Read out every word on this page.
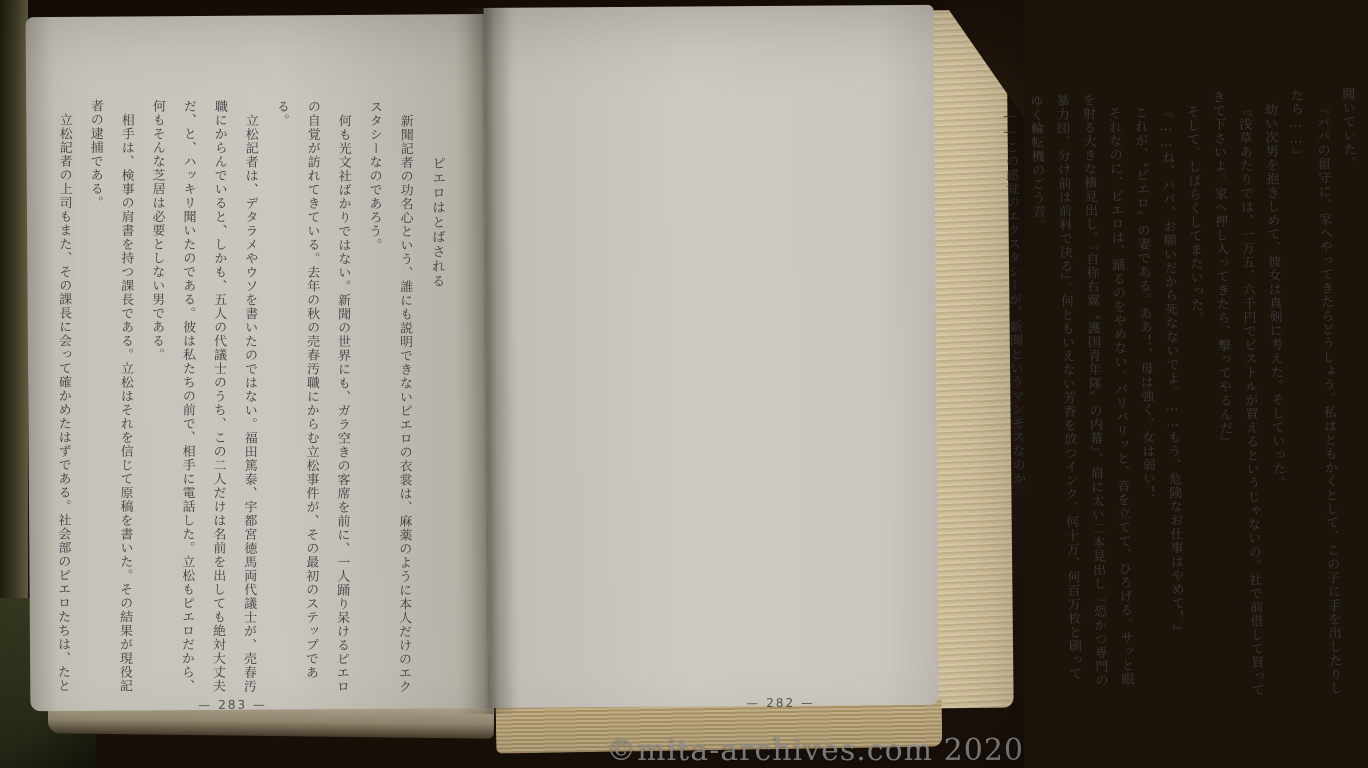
ピエロはとばされる
新聞記者の功名心という、誰にも説明できないピエロの衣裳は、麻薬のように本人だけのエク
スタシーなのであろう。
何も光文社ばかりではない。新聞の世界にも、ガラ空きの客席を前に、一人踊り呆けるピエロ
の自覚が訪れてきている。去年の秋の売春汚職にからむ立松事件が、その最初のステップであ
る。
立松記者は、デタラメやウソを書いたのではない。福田篤泰、宇都宮徳馬両代議士が、売春汚
職にからんでいると、しかも、五人の代議士のうち、この二人だけは名前を出しても絶対大丈夫
だ、と、ハッキリ聞いたのである。彼は私たちの前で、相手に電話した。立松もピエロだから、
何もそんな芝居は必要としない男である。
相手は、検事の肩書を持つ課長である。立松はそれを信じて原稿を書いた。その結果が現役記
者の逮捕である。
立松記者の上司もまた、その課長に会って確かめたはずである。社会部のピエロたちは、たと
— 283 —
聞いていた。
『パパの留守に、家へやってきたらどうしょう。私はともかくとして、この子に手を出したりし
たら……』
幼い次男を抱きしめて、彼女は真剣に考えた。そしていった。
『浅草あたりでは、一万五、六千円でピストルが買えるというじゃないの。社で前借して買って
きて下さいよ。家へ押し入ってきたら、撃ってやるんだ』
そして、しばらくしてまたいった。
『……ね、パパ、お願いだから死なないでよ。……もう、危険なお仕事はやめて！』
これが、〝ピエロ〟の妻である。ああ！、母は強く、女は弱い！
それなのに、ピエロは、踊るのをやめない。バリバリッと、音を立てて、ひろげる。サッと眼
を射る大きな横見出し。『自称右翼〝護国青年隊〟の内幕』、肩に太い二本見出し『恐かつ専門の
暴力団、分け前は前科で決る』。何ともいえない芳香を放つインク、何十万、何百万枚と刷って
ゆく輪転機のごう音。
——この感覚のエクスタシーが、新聞というマンモスなのか。
— 282 —
©mita-archives.com 2020
